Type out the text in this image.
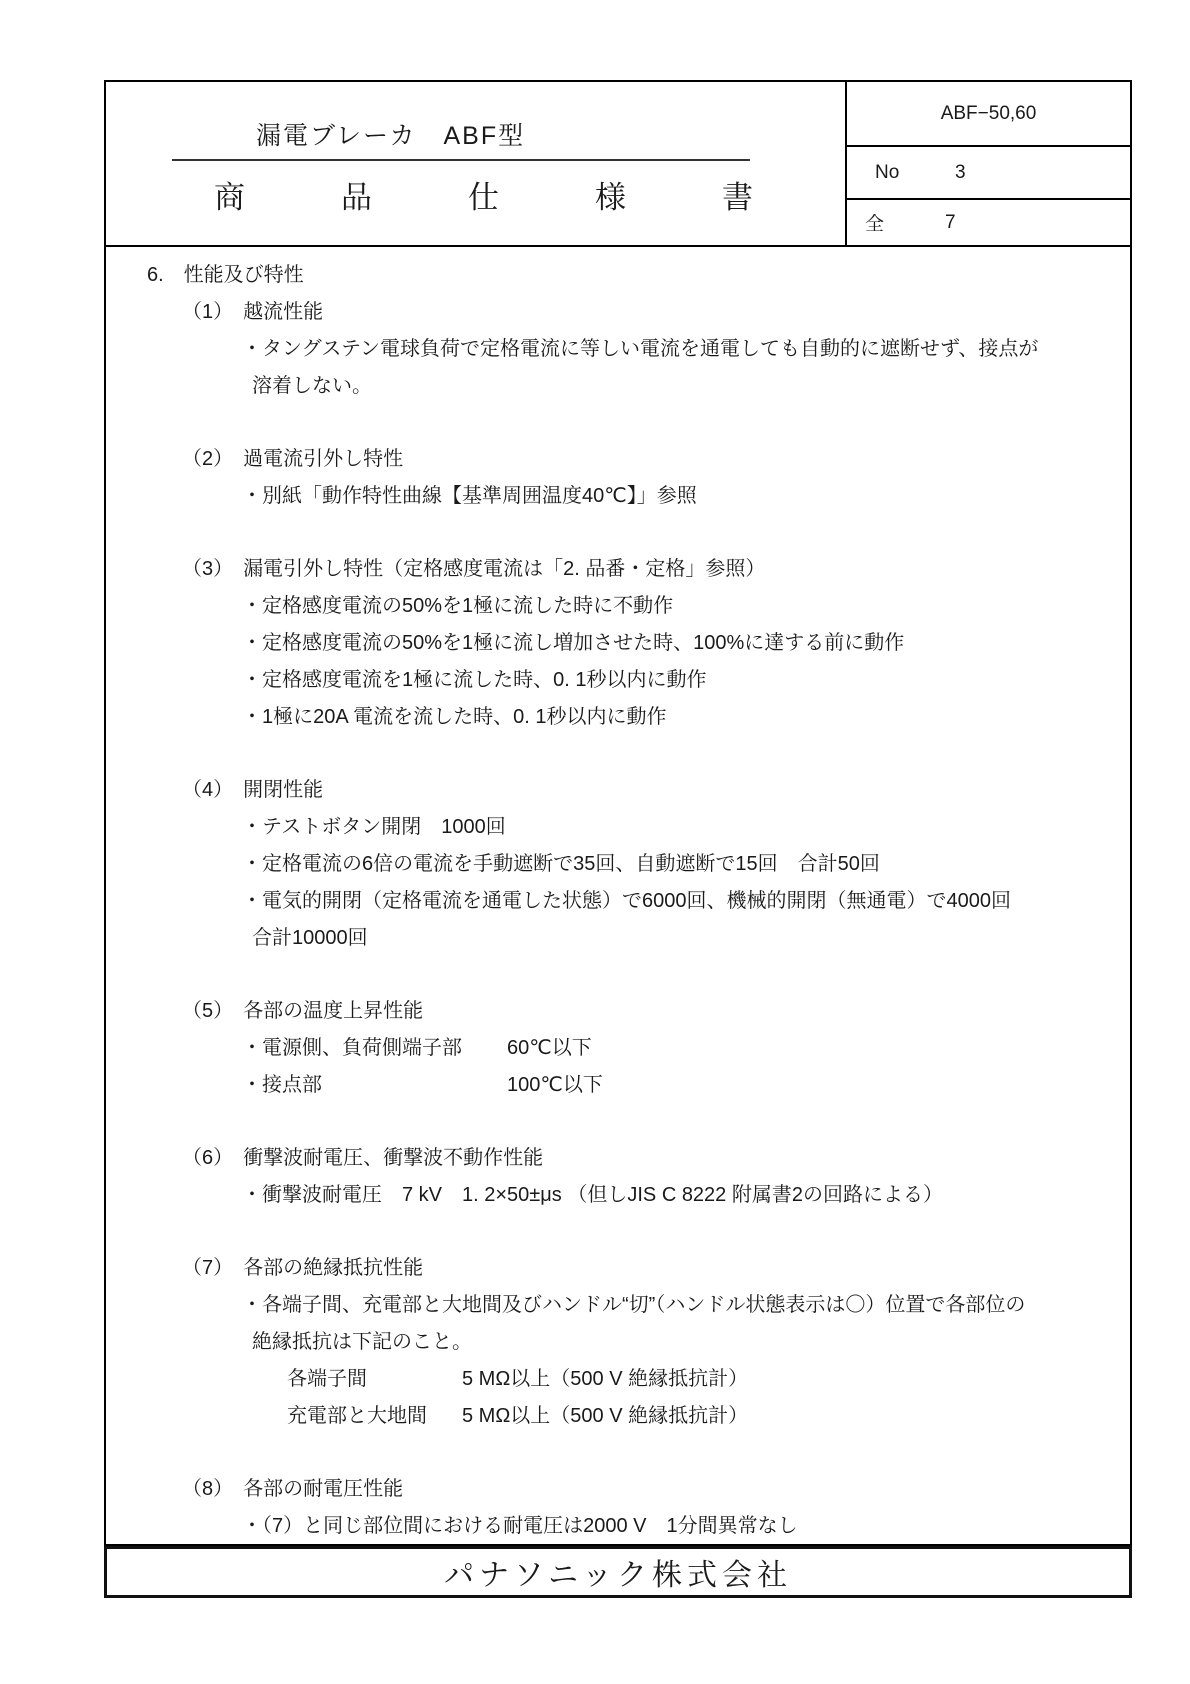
漏電ブレーカ　ABF型
商品仕様書
ABF−50,60
No	3
全	7
6.　性能及び特性
（1）　越流性能
・タングステン電球負荷で定格電流に等しい電流を通電しても自動的に遮断せず、接点が
溶着しない。
（2）　過電流引外し特性
・別紙「動作特性曲線【基準周囲温度40℃】」参照
（3）　漏電引外し特性（定格感度電流は「2. 品番・定格」参照）
・定格感度電流の50%を1極に流した時に不動作
・定格感度電流の50%を1極に流し増加させた時、100%に達する前に動作
・定格感度電流を1極に流した時、0. 1秒以内に動作
・1極に20A 電流を流した時、0. 1秒以内に動作
（4）　開閉性能
・テストボタン開閉　1000回
・定格電流の6倍の電流を手動遮断で35回、自動遮断で15回　合計50回
・電気的開閉（定格電流を通電した状態）で6000回、機械的開閉（無通電）で4000回
合計10000回
（5）　各部の温度上昇性能
・電源側、負荷側端子部 60℃以下
・接点部	100℃以下
（6）　衝撃波耐電圧、衝撃波不動作性能
・衝撃波耐電圧　7 kV　1. 2×50±μs （但しJIS C 8222 附属書2の回路による）
（7）　各部の絶縁抵抗性能
・各端子間、充電部と大地間及びハンドル“切”（ハンドル状態表示は〇）位置で各部位の
絶縁抵抗は下記のこと。
各端子間	5 MΩ以上（500 V 絶縁抵抗計）
充電部と大地間 5 MΩ以上（500 V 絶縁抵抗計）
（8）　各部の耐電圧性能
・（7）と同じ部位間における耐電圧は2000 V　1分間異常なし
パナソニック株式会社
